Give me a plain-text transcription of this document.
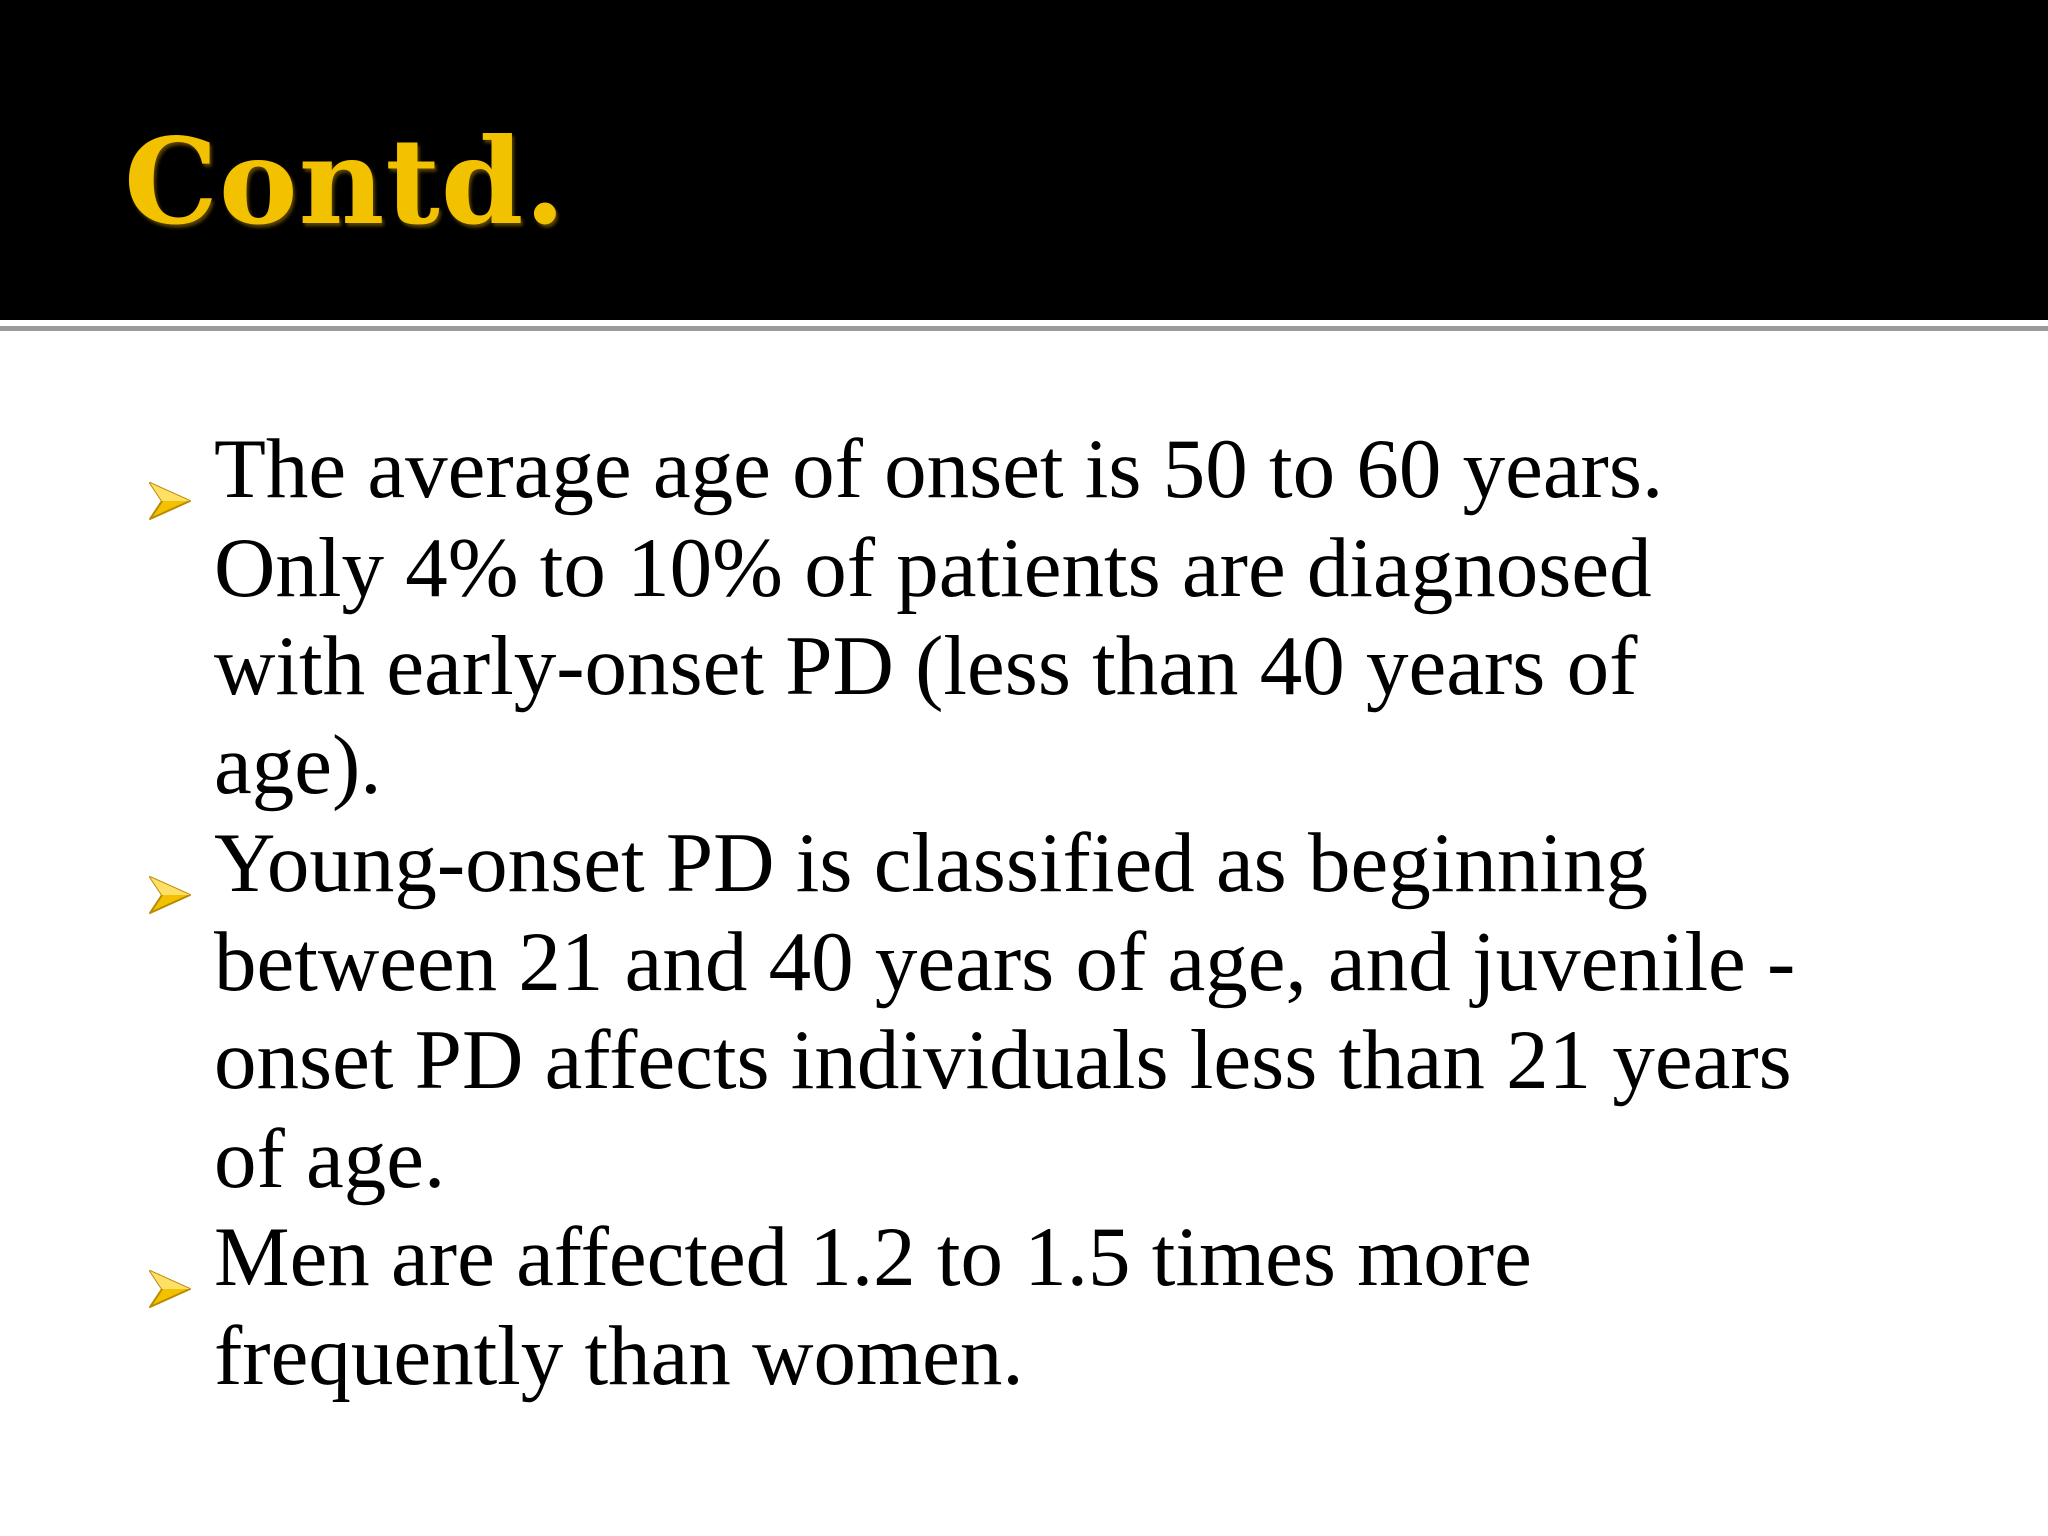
Contd.

The average age of onset is 50 to 60 years.
Only 4% to 10% of patients are diagnosed
with early-onset PD (less than 40 years of
age).

Young-onset PD is classified as beginning
between 21 and 40 years of age, and juvenile -
onset PD affects individuals less than 21 years
of age.

Men are affected 1.2 to 1.5 times more
frequently than women.
